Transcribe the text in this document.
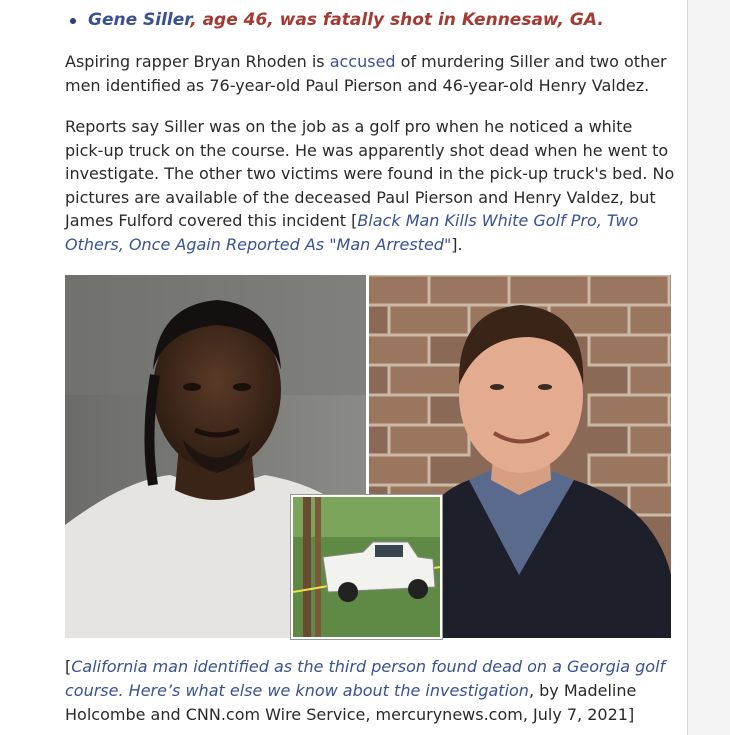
Gene Siller, age 46, was fatally shot in Kennesaw, GA.

Aspiring rapper Bryan Rhoden is accused of murdering Siller and two other men identified as 76-year-old Paul Pierson and 46-year-old Henry Valdez.

Reports say Siller was on the job as a golf pro when he noticed a white pick-up truck on the course. He was apparently shot dead when he went to investigate. The other two victims were found in the pick-up truck's bed. No pictures are available of the deceased Paul Pierson and Henry Valdez, but James Fulford covered this incident [Black Man Kills White Golf Pro, Two Others, Once Again Reported As "Man Arrested"].

[California man identified as the third person found dead on a Georgia golf course. Here’s what else we know about the investigation, by Madeline Holcombe and CNN.com Wire Service, mercurynews.com, July 7, 2021]
